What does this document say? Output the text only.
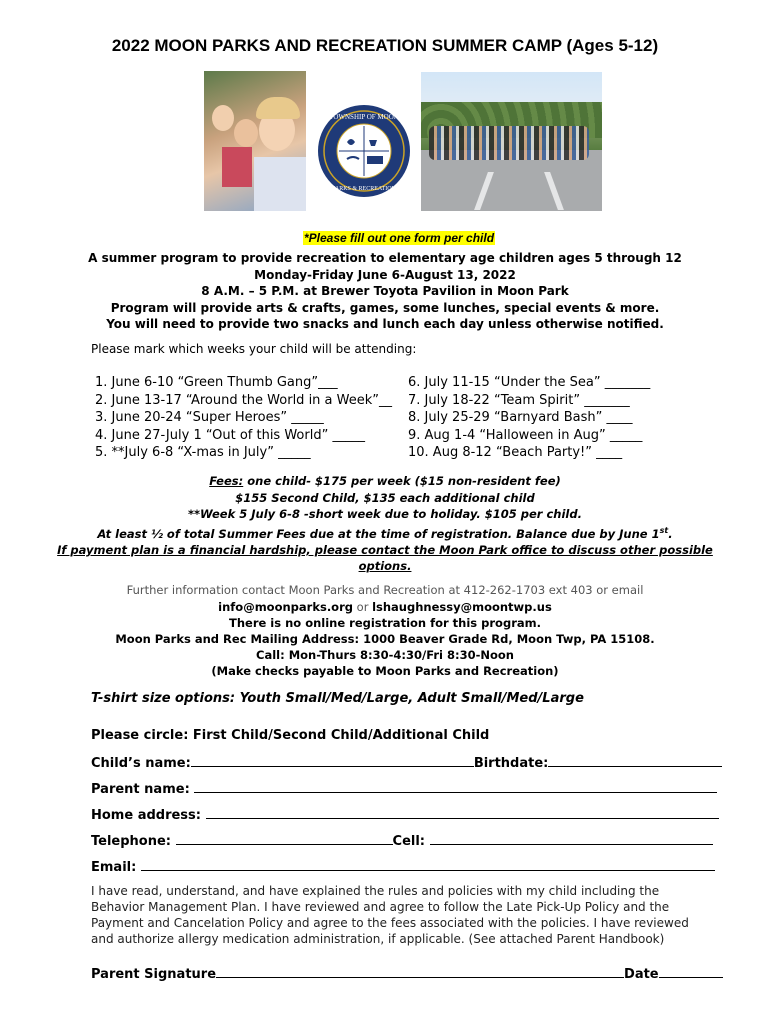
2022 MOON PARKS AND RECREATION SUMMER CAMP (Ages 5-12)
TOWNSHIP OF MOON
PARKS & RECREATION
1788
*Please fill out one form per child
A summer program to provide recreation to elementary age children ages 5 through 12
Monday-Friday June 6-August 13, 2022
8 A.M. – 5 P.M. at Brewer Toyota Pavilion in Moon Park
Program will provide arts & crafts, games, some lunches, special events & more.
You will need to provide two snacks and lunch each day unless otherwise notified.
Please mark which weeks your child will be attending:
1. June 6-10 “Green Thumb Gang”___
2. June 13-17 “Around the World in a Week”__
3. June 20-24 “Super Heroes” _____
4. June 27-July 1 “Out of this World” _____
5. **July 6-8 “X-mas in July” _____
6. July 11-15 “Under the Sea” _______
7. July 18-22 “Team Spirit” _______
8. July 25-29 “Barnyard Bash” ____
9. Aug 1-4 “Halloween in Aug” _____
10. Aug 8-12 “Beach Party!” ____
Fees: one child- $175 per week ($15 non-resident fee)
$155 Second Child, $135 each additional child
**Week 5 July 6-8 -short week due to holiday. $105 per child.
At least ½ of total Summer Fees due at the time of registration. Balance due by June 1st.
If payment plan is a financial hardship, please contact the Moon Park office to discuss other possible
options.
Further information contact Moon Parks and Recreation at 412-262-1703 ext 403 or email
info@moonparks.org or lshaughnessy@moontwp.us
There is no online registration for this program.
Moon Parks and Rec Mailing Address: 1000 Beaver Grade Rd, Moon Twp, PA 15108.
Call: Mon-Thurs 8:30-4:30/Fri 8:30-Noon
(Make checks payable to Moon Parks and Recreation)
T-shirt size options: Youth Small/Med/Large, Adult Small/Med/Large
Please circle: First Child/Second Child/Additional Child
Child’s name:	Birthdate:
Parent name:
Home address:
Telephone:	Cell:
Email:
I have read, understand, and have explained the rules and policies with my child including the Behavior Management Plan. I have reviewed and agree to follow the Late Pick-Up Policy and the Payment and Cancelation Policy and agree to the fees associated with the policies. I have reviewed and authorize allergy medication administration, if applicable. (See attached Parent Handbook)
Parent Signature	Date
